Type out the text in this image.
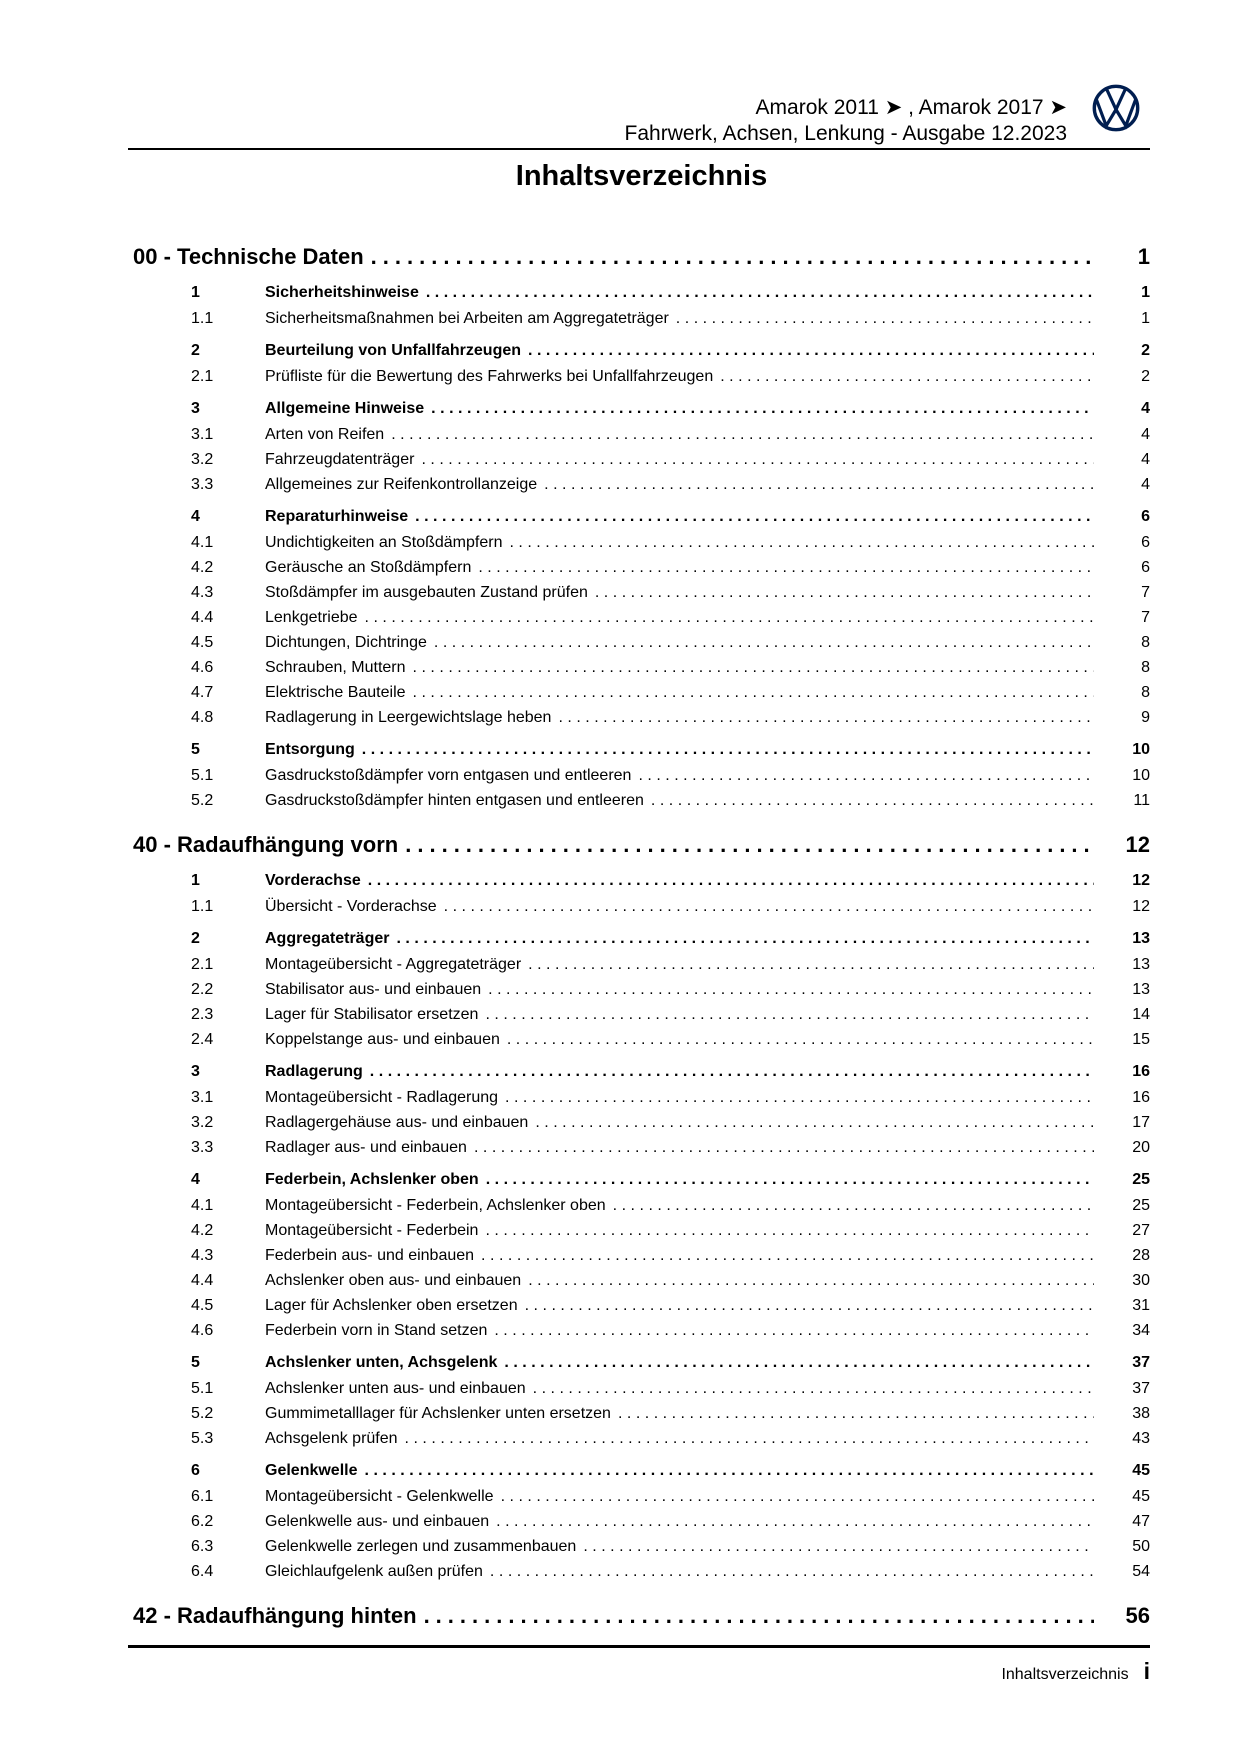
Amarok 2011 ➤ , Amarok 2017 ➤
Fahrwerk, Achsen, Lenkung - Ausgabe 12.2023
Inhaltsverzeichnis
00 - Technische Daten .....	1
1	Sicherheitshinweise .....	1
1.1	Sicherheitsmaßnahmen bei Arbeiten am Aggregateträger .....	1
2	Beurteilung von Unfallfahrzeugen .....	2
2.1	Prüfliste für die Bewertung des Fahrwerks bei Unfallfahrzeugen .....	2
3	Allgemeine Hinweise .....	4
3.1	Arten von Reifen .....	4
3.2	Fahrzeugdatenträger .....	4
3.3	Allgemeines zur Reifenkontrollanzeige .....	4
4	Reparaturhinweise .....	6
4.1	Undichtigkeiten an Stoßdämpfern .....	6
4.2	Geräusche an Stoßdämpfern .....	6
4.3	Stoßdämpfer im ausgebauten Zustand prüfen .....	7
4.4	Lenkgetriebe .....	7
4.5	Dichtungen, Dichtringe .....	8
4.6	Schrauben, Muttern .....	8
4.7	Elektrische Bauteile .....	8
4.8	Radlagerung in Leergewichtslage heben .....	9
5	Entsorgung .....	10
5.1	Gasdruckstoßdämpfer vorn entgasen und entleeren .....	10
5.2	Gasdruckstoßdämpfer hinten entgasen und entleeren .....	11
40 - Radaufhängung vorn .....	12
1	Vorderachse .....	12
1.1	Übersicht - Vorderachse .....	12
2	Aggregateträger .....	13
2.1	Montageübersicht - Aggregateträger .....	13
2.2	Stabilisator aus- und einbauen .....	13
2.3	Lager für Stabilisator ersetzen .....	14
2.4	Koppelstange aus- und einbauen .....	15
3	Radlagerung .....	16
3.1	Montageübersicht - Radlagerung .....	16
3.2	Radlagergehäuse aus- und einbauen .....	17
3.3	Radlager aus- und einbauen .....	20
4	Federbein, Achslenker oben .....	25
4.1	Montageübersicht - Federbein, Achslenker oben .....	25
4.2	Montageübersicht - Federbein .....	27
4.3	Federbein aus- und einbauen .....	28
4.4	Achslenker oben aus- und einbauen .....	30
4.5	Lager für Achslenker oben ersetzen .....	31
4.6	Federbein vorn in Stand setzen .....	34
5	Achslenker unten, Achsgelenk .....	37
5.1	Achslenker unten aus- und einbauen .....	37
5.2	Gummimetalllager für Achslenker unten ersetzen .....	38
5.3	Achsgelenk prüfen .....	43
6	Gelenkwelle .....	45
6.1	Montageübersicht - Gelenkwelle .....	45
6.2	Gelenkwelle aus- und einbauen .....	47
6.3	Gelenkwelle zerlegen und zusammenbauen .....	50
6.4	Gleichlaufgelenk außen prüfen .....	54
42 - Radaufhängung hinten .....	56
Inhaltsverzeichnis i
